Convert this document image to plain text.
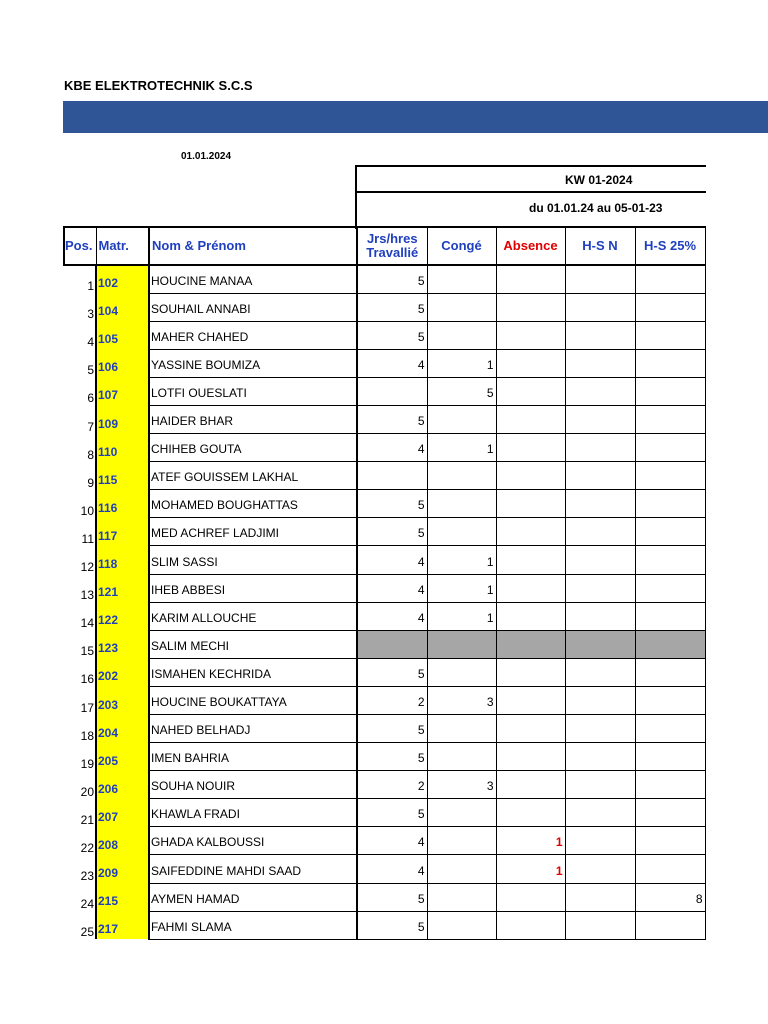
KBE ELEKTROTECHNIK S.C.S
01.01.2024
KW 01-2024
du 01.01.24 au 05-01-23
Pos.	Matr.	Nom & Prénom	Jrs/hres Travallié	Congé	Absence	H-S N	H-S 25%
1	102	HOUCINE MANAA	5				
3	104	SOUHAIL ANNABI	5				
4	105	MAHER CHAHED	5				
5	106	YASSINE BOUMIZA	4	1			
6	107	LOTFI OUESLATI		5			
7	109	HAIDER BHAR	5				
8	110	CHIHEB GOUTA	4	1			
9	115	ATEF GOUISSEM LAKHAL					
10	116	MOHAMED BOUGHATTAS	5				
11	117	MED ACHREF LADJIMI	5				
12	118	SLIM SASSI	4	1			
13	121	IHEB ABBESI	4	1			
14	122	KARIM ALLOUCHE	4	1			
15	123	SALIM MECHI					
16	202	ISMAHEN KECHRIDA	5				
17	203	HOUCINE BOUKATTAYA	2	3			
18	204	NAHED BELHADJ	5				
19	205	IMEN BAHRIA	5				
20	206	SOUHA NOUIR	2	3			
21	207	KHAWLA FRADI	5				
22	208	GHADA KALBOUSSI	4		1		
23	209	SAIFEDDINE MAHDI SAAD	4		1		
24	215	AYMEN HAMAD	5				8
25	217	FAHMI SLAMA	5				
